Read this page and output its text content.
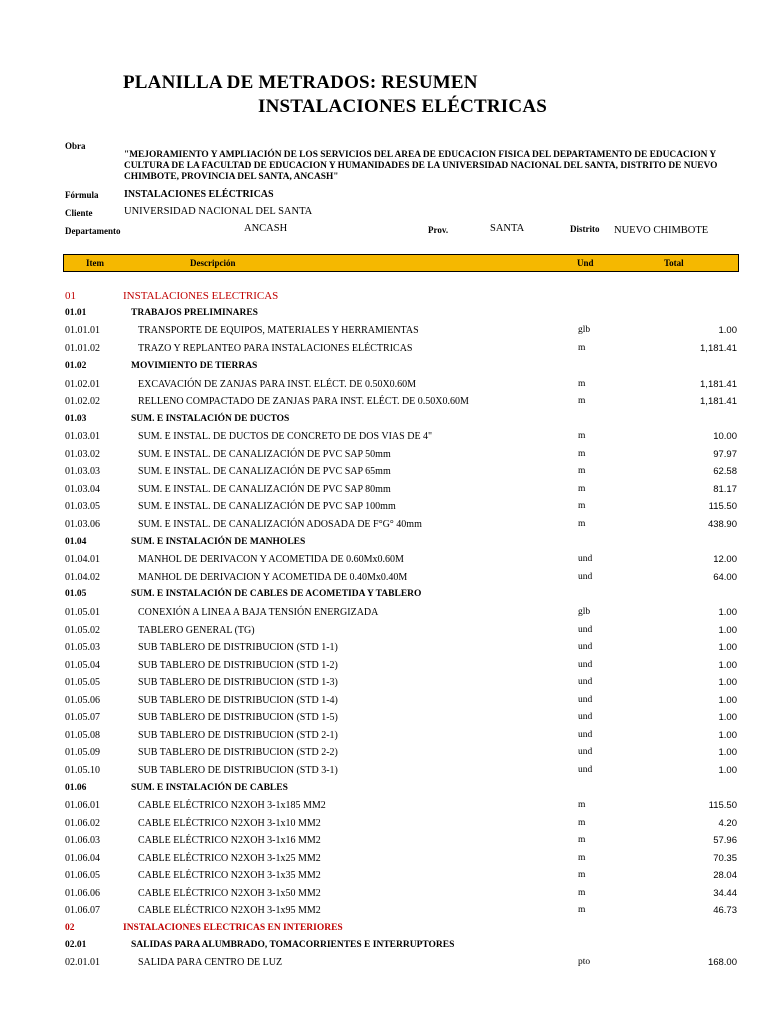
PLANILLA DE METRADOS: RESUMEN
INSTALACIONES ELÉCTRICAS
Obra
"MEJORAMIENTO Y AMPLIACIÓN DE LOS SERVICIOS DEL AREA DE EDUCACION FISICA DEL DEPARTAMENTO DE EDUCACION Y CULTURA DE LA FACULTAD DE EDUCACION Y HUMANIDADES DE LA UNIVERSIDAD NACIONAL DEL SANTA, DISTRITO DE NUEVO CHIMBOTE, PROVINCIA DEL SANTA, ANCASH"
Fórmula	INSTALACIONES ELÉCTRICAS
Cliente	UNIVERSIDAD NACIONAL DEL SANTA
Departamento	ANCASH	Prov.	SANTA	Distrito NUEVO CHIMBOTE
Item	Descripción	Und	Total
01	INSTALACIONES ELECTRICAS
01.01	TRABAJOS PRELIMINARES
01.01.01	TRANSPORTE DE EQUIPOS, MATERIALES Y HERRAMIENTAS	glb	1.00
01.01.02	TRAZO Y REPLANTEO PARA INSTALACIONES ELÉCTRICAS	m	1,181.41
01.02	MOVIMIENTO DE TIERRAS
01.02.01	EXCAVACIÓN DE ZANJAS PARA INST. ELÉCT. DE 0.50X0.60M	m	1,181.41
01.02.02	RELLENO COMPACTADO DE ZANJAS PARA INST. ELÉCT. DE 0.50X0.60M	m	1,181.41
01.03	SUM. E INSTALACIÓN DE DUCTOS
01.03.01	SUM. E INSTAL. DE DUCTOS DE CONCRETO DE DOS VIAS DE 4"	m	10.00
01.03.02	SUM. E INSTAL. DE CANALIZACIÓN DE PVC SAP 50mm	m	97.97
01.03.03	SUM. E INSTAL. DE CANALIZACIÓN DE PVC SAP 65mm	m	62.58
01.03.04	SUM. E INSTAL. DE CANALIZACIÓN DE PVC SAP 80mm	m	81.17
01.03.05	SUM. E INSTAL. DE CANALIZACIÓN DE PVC SAP 100mm	m	115.50
01.03.06	SUM. E INSTAL. DE CANALIZACIÓN ADOSADA DE F°G° 40mm	m	438.90
01.04	SUM. E INSTALACIÓN DE MANHOLES
01.04.01	MANHOL DE DERIVACON Y ACOMETIDA DE 0.60Mx0.60M	und	12.00
01.04.02	MANHOL DE DERIVACION Y ACOMETIDA DE 0.40Mx0.40M	und	64.00
01.05	SUM. E INSTALACIÓN DE CABLES DE ACOMETIDA Y TABLERO
01.05.01	CONEXIÓN A LINEA A BAJA TENSIÓN ENERGIZADA	glb	1.00
01.05.02	TABLERO GENERAL (TG)	und	1.00
01.05.03	SUB TABLERO DE DISTRIBUCION (STD 1-1)	und	1.00
01.05.04	SUB TABLERO DE DISTRIBUCION (STD 1-2)	und	1.00
01.05.05	SUB TABLERO DE DISTRIBUCION (STD 1-3)	und	1.00
01.05.06	SUB TABLERO DE DISTRIBUCION (STD 1-4)	und	1.00
01.05.07	SUB TABLERO DE DISTRIBUCION (STD 1-5)	und	1.00
01.05.08	SUB TABLERO DE DISTRIBUCION (STD 2-1)	und	1.00
01.05.09	SUB TABLERO DE DISTRIBUCION (STD 2-2)	und	1.00
01.05.10	SUB TABLERO DE DISTRIBUCION (STD 3-1)	und	1.00
01.06	SUM. E INSTALACIÓN DE CABLES
01.06.01	CABLE ELÉCTRICO N2XOH 3-1x185 MM2	m	115.50
01.06.02	CABLE ELÉCTRICO N2XOH 3-1x10 MM2	m	4.20
01.06.03	CABLE ELÉCTRICO N2XOH 3-1x16 MM2	m	57.96
01.06.04	CABLE ELÉCTRICO N2XOH 3-1x25 MM2	m	70.35
01.06.05	CABLE ELÉCTRICO N2XOH 3-1x35 MM2	m	28.04
01.06.06	CABLE ELÉCTRICO N2XOH 3-1x50 MM2	m	34.44
01.06.07	CABLE ELÉCTRICO N2XOH 3-1x95 MM2	m	46.73
02	INSTALACIONES ELECTRICAS EN INTERIORES
02.01	SALIDAS PARA ALUMBRADO, TOMACORRIENTES E INTERRUPTORES
02.01.01	SALIDA PARA CENTRO DE LUZ	pto	168.00
